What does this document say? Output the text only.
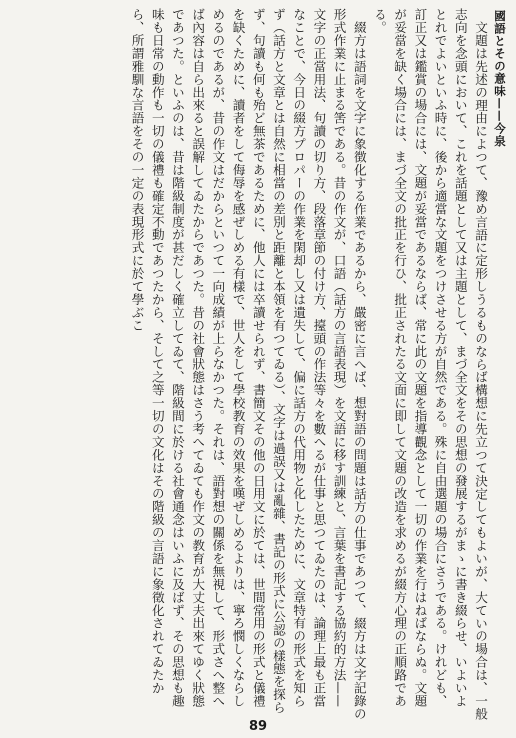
國語とその意味——今泉

文題は先述の理由によつて、豫め言語に定形しうるものならば構想に先立つて決定してもよいが、大ていの場合は、一般志向を念頭において、これを話題として又は主題として、まづ全文をその思想の發展するがまゝに書き綴らせ、いよいよとれでよいといふ時に、後から適當な文題をつけさせる方が自然である。殊に自由選題の場合にさうである。けれども、訂正又は鑑賞の場合には、文題が妥當であるならば、常に此の文題を指導觀念として一切の作業を行はねばならぬ。文題が妥當を缺く場合には、まづ全文の批正を行ひ、批正されたる文面に即して文題の改造を求めるが綴方心理の正順路である。

綴方は語詞を文字に象徴化する作業であるから、嚴密に言へば、想對語の問題は話方の仕事であつて、綴方は文字記錄の形式作業に止まる筈である。昔の作文が、口語（話方の言語表現）を文語に移す訓練と、言葉を書記する協約的方法——文字の正當用法、句讀の切り方、段落章節の付け方、擡頭の作法等々を數へるが仕事と思つてゐたのは、論理上最も正當なことで、今日の綴方プロパーの作業を閑却し又は遺失して、偏に話方の代用物と化したために、文章特有の形式を知らず（話方と文章とは自然に相當の差別と距離と本領を有つてゐる）、文字は過誤又は亂雜、書記の形式に公認の樣態を探らず、句讀も何も殆ど無茶であるために、他人には卒讀せられず、書簡文その他の日用文に於ては、世間常用の形式と儀禮を缺くために、讀者をして侮辱を感ぜしめる有樣で、世人をして學校教育の效果を嘆ぜしめるよりは、寧ろ憫しくならしめるのであるが、昔の作文はだからといつて一向成績が上らなかつた。それは、語對想の關係を無視して、形式さへ整へば內容は自ら出來ると誤解してゐたからであつた。昔の社會狀態はさう考へてゐても作文の教育が大丈夫出來てゆく狀態であつた。といふのは、昔は階級制度が甚だしく確立してゐて、階級間に於ける社會通念はいふに及ばず、その思想も趣味も日常の動作も一切の儀禮も確定不動であつたから、そして之等一切の文化はその階級の言語に象徵化されてゐたから、所謂雅馴な言語をその一定の表現形式に於て學ぶこ

89
